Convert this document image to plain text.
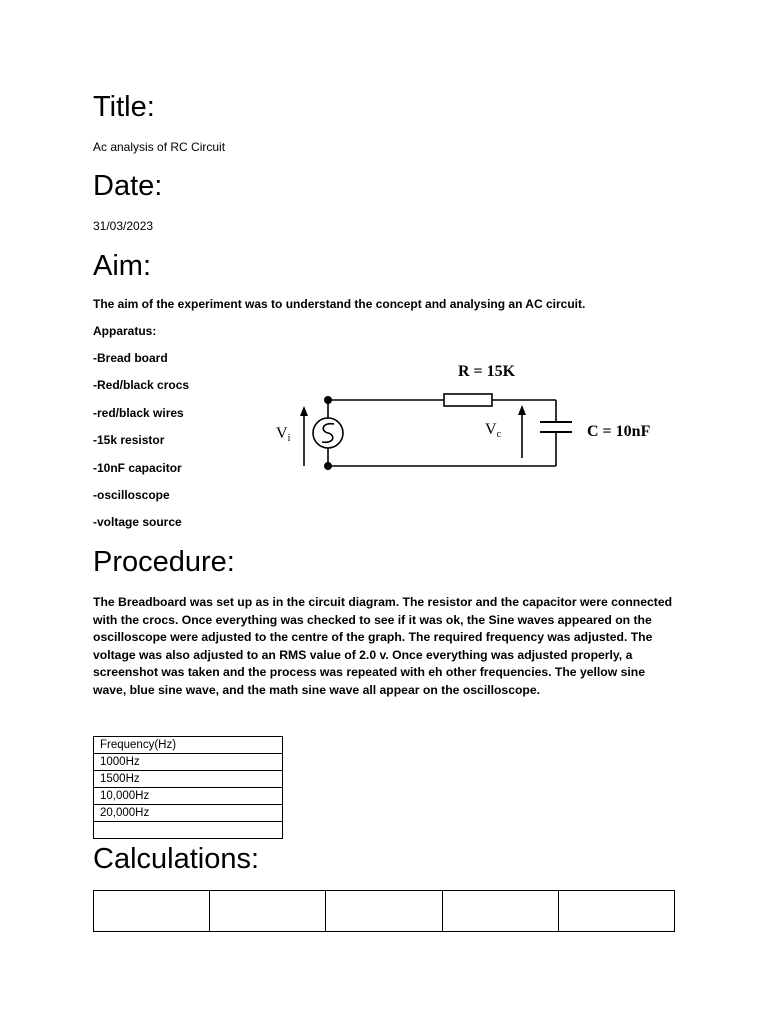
Title:

Ac analysis of RC Circuit

Date:

31/03/2023

Aim:

The aim of the experiment was to understand the concept and analysing an AC circuit.

Apparatus:

-Bread board
-Red/black crocs
-red/black wires
-15k resistor
-10nF capacitor
-oscilloscope
-voltage source
R = 15K
C = 10nF
Vi
Vc
Procedure:

The Breadboard was set up as in the circuit diagram. The resistor and the capacitor were connected with the crocs. Once everything was checked to see if it was ok, the Sine waves appeared on the oscilloscope were adjusted to the centre of the graph. The required frequency was adjusted. The voltage was also adjusted to an RMS value of 2.0 v. Once everything was adjusted properly, a screenshot was taken and the process was repeated with eh other frequencies. The yellow sine wave, blue sine wave, and the math sine wave all appear on the oscilloscope.

Frequency(Hz)
1000Hz
1500Hz
10,000Hz
20,000Hz

Calculations:
